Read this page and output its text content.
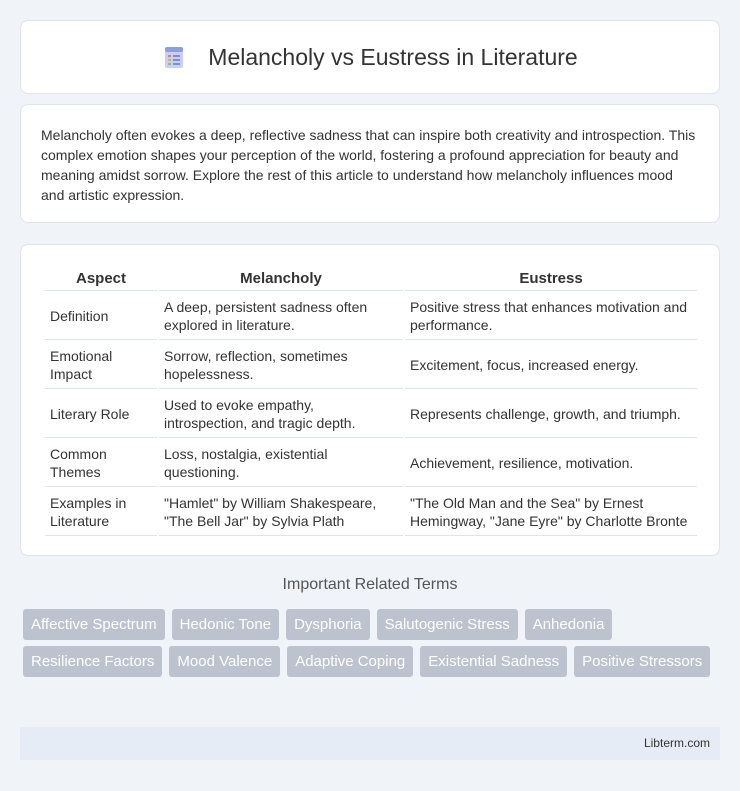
Melancholy vs Eustress in Literature

Melancholy often evokes a deep, reflective sadness that can inspire both creativity and introspection. This complex emotion shapes your perception of the world, fostering a profound appreciation for beauty and meaning amidst sorrow. Explore the rest of this article to understand how melancholy influences mood and artistic expression.

Aspect	Melancholy	Eustress
Definition	A deep, persistent sadness often explored in literature.	Positive stress that enhances motivation and performance.
Emotional Impact	Sorrow, reflection, sometimes hopelessness.	Excitement, focus, increased energy.
Literary Role	Used to evoke empathy, introspection, and tragic depth.	Represents challenge, growth, and triumph.
Common Themes	Loss, nostalgia, existential questioning.	Achievement, resilience, motivation.
Examples in Literature	"Hamlet" by William Shakespeare, "The Bell Jar" by Sylvia Plath	"The Old Man and the Sea" by Ernest Hemingway, "Jane Eyre" by Charlotte Bronte
Important Related Terms
Affective Spectrum	Hedonic Tone	Dysphoria	Salutogenic Stress	Anhedonia
Resilience Factors	Mood Valence	Adaptive Coping	Existential Sadness	Positive Stressors
Libterm.com
